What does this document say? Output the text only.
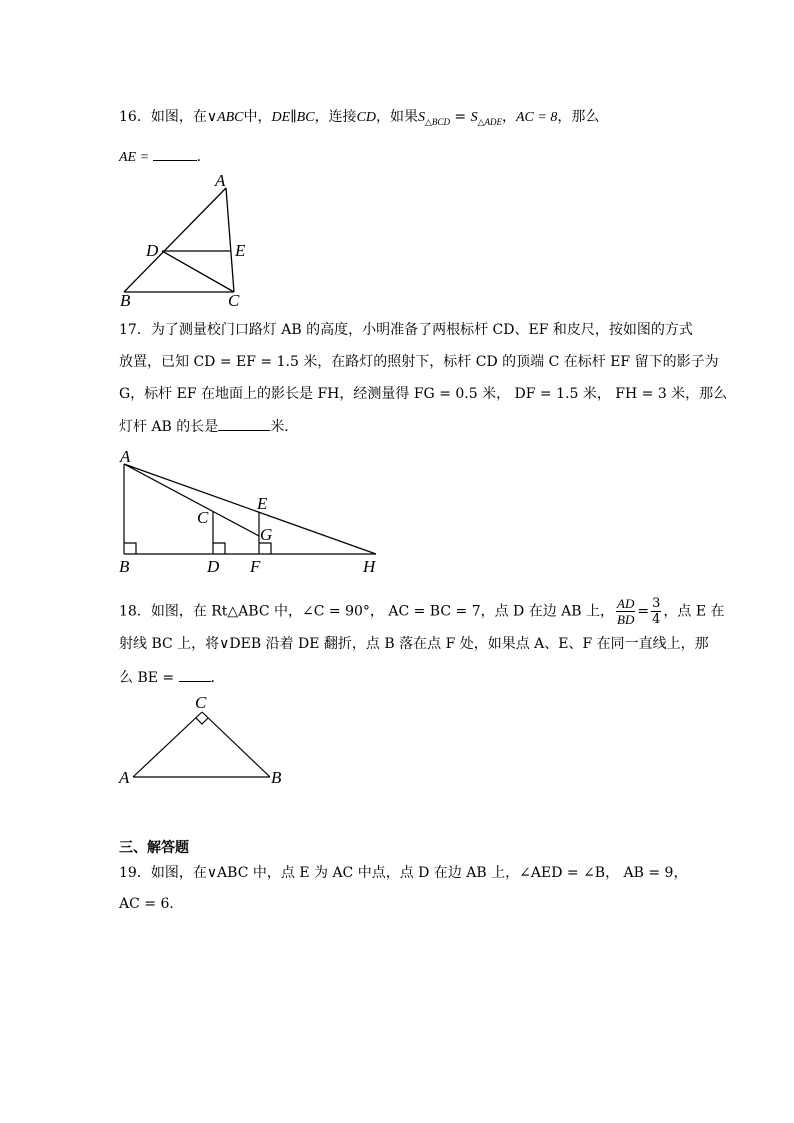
16．如图，在∨ABC中，DE∥BC，连接CD，如果$S_{\triangle BCD} = S_{\triangle ADE}$，AC = 8，那么
AE =	．
A
B	C
D	E
17．为了测量校门口路灯 AB 的高度，小明准备了两根标杆 CD、EF 和皮尺，按如图的方式
放置，已知 CD = EF = 1.5 米，在路灯的照射下，标杆 CD 的顶端 C 在标杆 EF 留下的影子为
G，标杆 EF 在地面上的影长是 FH，经测量得 FG = 0.5 米， DF = 1.5 米， FH = 3 米，那么
灯杆 AB 的长是	米．
A
B
C
D
E
F
G
H
18．如图，在 Rt△ABC 中，∠C = 90°， AC = BC = 7，点 D 在边 AB 上， $\frac{AD}{BD} = \frac{3}{4}$ ，点 E 在
射线 BC 上，将∨DEB 沿着 DE 翻折，点 B 落在点 F 处，如果点 A、E、F 在同一直线上，那
么 BE = ．
C
A	B
三、解答题
19．如图，在∨ABC 中，点 E 为 AC 中点，点 D 在边 AB 上，∠AED = ∠B， AB = 9，
AC = 6．
